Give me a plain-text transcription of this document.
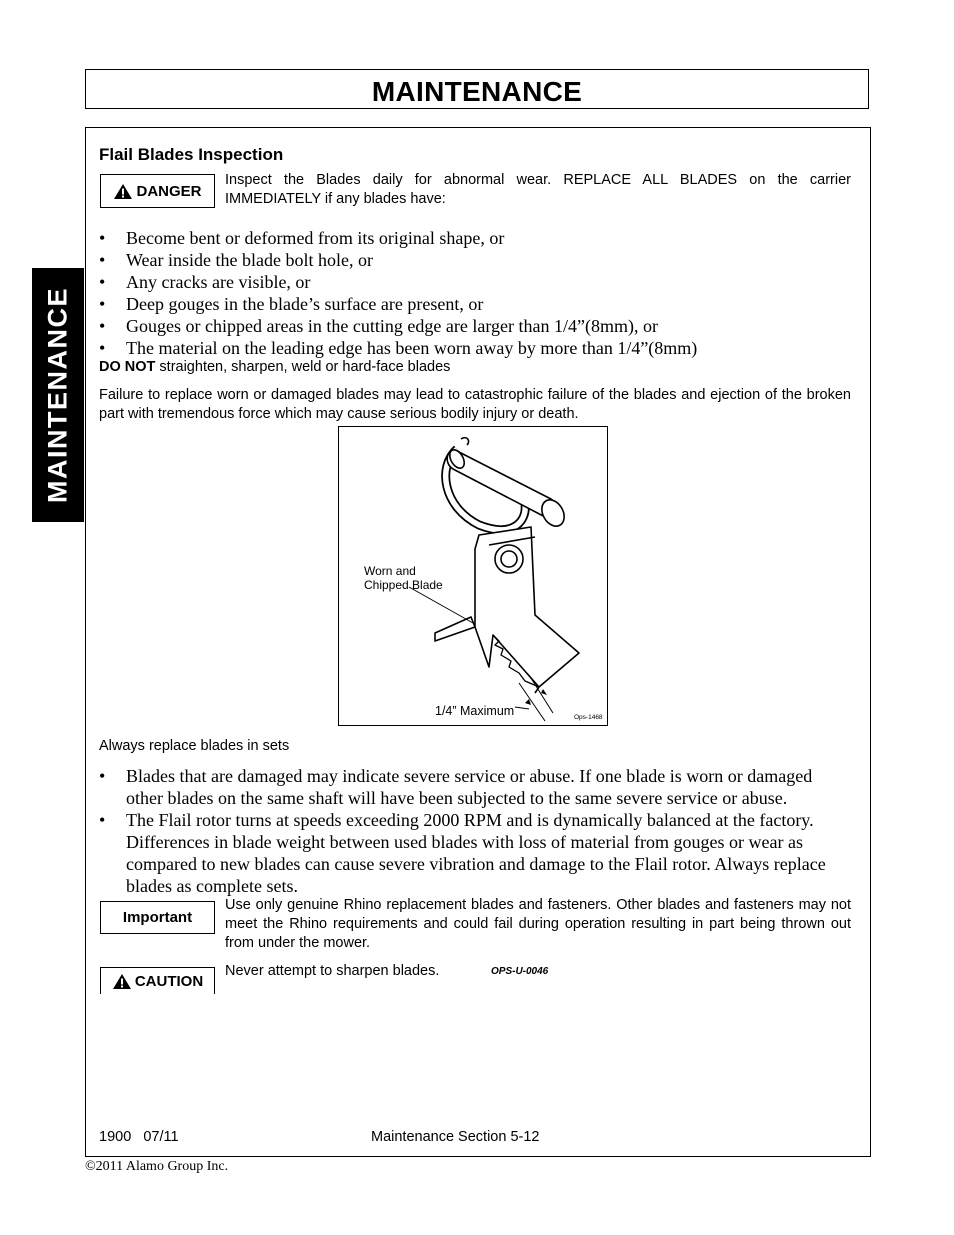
MAINTENANCE
MAINTENANCE
Flail Blades Inspection
DANGER
Inspect the Blades daily for abnormal wear. REPLACE ALL BLADES on the carrier IMMEDIATELY if any blades have:
• Become bent or deformed from its original shape, or
• Wear inside the blade bolt hole, or
• Any cracks are visible, or
• Deep gouges in the blade’s surface are present, or
• Gouges or chipped areas in the cutting edge are larger than 1/4”(8mm), or
• The material on the leading edge has been worn away by more than 1/4”(8mm)
DO NOT straighten, sharpen, weld or hard-face blades
Failure to replace worn or damaged blades may lead to catastrophic failure of the blades and ejection of the broken part with tremendous force which may cause serious bodily injury or death.
Worn and
Chipped Blade
1/4” Maximum	Ops-1468
Always replace blades in sets
• Blades that are damaged may indicate severe service or abuse. If one blade is worn or damaged other blades on the same shaft will have been subjected to the same severe service or abuse.
• The Flail rotor turns at speeds exceeding 2000 RPM and is dynamically balanced at the factory. Differences in blade weight between used blades with loss of material from gouges or wear as compared to new blades can cause severe vibration and damage to the Flail rotor. Always replace blades as complete sets.
Important
Use only genuine Rhino replacement blades and fasteners. Other blades and fasteners may not meet the Rhino requirements and could fail during operation resulting in part being thrown out from under the mower.
CAUTION
Never attempt to sharpen blades.	OPS-U-0046
1900   07/11	Maintenance Section 5-12
©2011 Alamo Group Inc.
